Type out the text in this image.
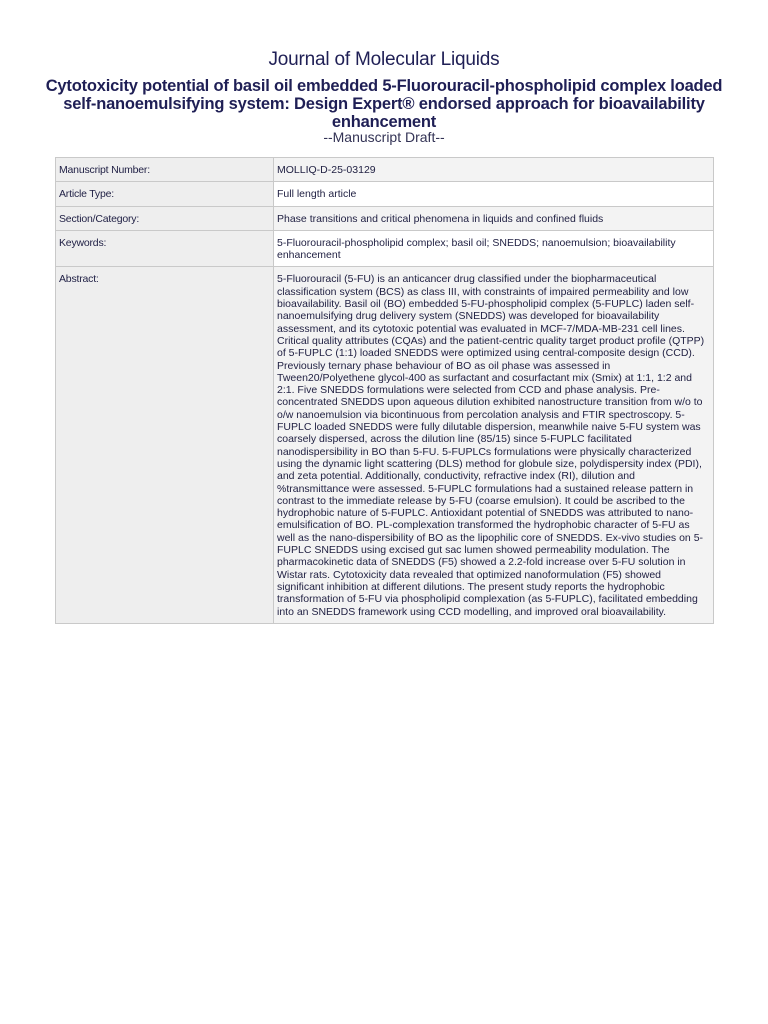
Journal of Molecular Liquids
Cytotoxicity potential of basil oil embedded 5-Fluorouracil-phospholipid complex loaded self-nanoemulsifying system: Design Expert® endorsed approach for bioavailability enhancement
--Manuscript Draft--
Manuscript Number:	MOLLIQ-D-25-03129
Article Type:	Full length article
Section/Category:	Phase transitions and critical phenomena in liquids and confined fluids
Keywords:	5-Fluorouracil-phospholipid complex; basil oil; SNEDDS; nanoemulsion; bioavailability enhancement
Abstract:	5-Fluorouracil (5-FU) is an anticancer drug classified under the biopharmaceutical classification system (BCS) as class III, with constraints of impaired permeability and low bioavailability. Basil oil (BO) embedded 5-FU-phospholipid complex (5-FUPLC) laden self-nanoemulsifying drug delivery system (SNEDDS) was developed for bioavailability assessment, and its cytotoxic potential was evaluated in MCF-7/MDA-MB-231 cell lines. Critical quality attributes (CQAs) and the patient-centric quality target product profile (QTPP) of 5-FUPLC (1:1) loaded SNEDDS were optimized using central-composite design (CCD). Previously ternary phase behaviour of BO as oil phase was assessed in Tween20/Polyethene glycol-400 as surfactant and cosurfactant mix (Smix) at 1:1, 1:2 and 2:1. Five SNEDDS formulations were selected from CCD and phase analysis. Pre-concentrated SNEDDS upon aqueous dilution exhibited nanostructure transition from w/o to o/w nanoemulsion via bicontinuous from percolation analysis and FTIR spectroscopy. 5-FUPLC loaded SNEDDS were fully dilutable dispersion, meanwhile naive 5-FU system was coarsely dispersed, across the dilution line (85/15) since 5-FUPLC facilitated nanodispersibility in BO than 5-FU. 5-FUPLCs formulations were physically characterized using the dynamic light scattering (DLS) method for globule size, polydispersity index (PDI), and zeta potential. Additionally, conductivity, refractive index (RI), dilution and %transmittance were assessed. 5-FUPLC formulations had a sustained release pattern in contrast to the immediate release by 5-FU (coarse emulsion). It could be ascribed to the hydrophobic nature of 5-FUPLC. Antioxidant potential of SNEDDS was attributed to nano-emulsification of BO. PL-complexation transformed the hydrophobic character of 5-FU as well as the nano-dispersibility of BO as the lipophilic core of SNEDDS. Ex-vivo studies on 5-FUPLC SNEDDS using excised gut sac lumen showed permeability modulation. The pharmacokinetic data of SNEDDS (F5) showed a 2.2-fold increase over 5-FU solution in Wistar rats. Cytotoxicity data revealed that optimized nanoformulation (F5) showed significant inhibition at different dilutions. The present study reports the hydrophobic transformation of 5-FU via phospholipid complexation (as 5-FUPLC), facilitated embedding into an SNEDDS framework using CCD modelling, and improved oral bioavailability.
